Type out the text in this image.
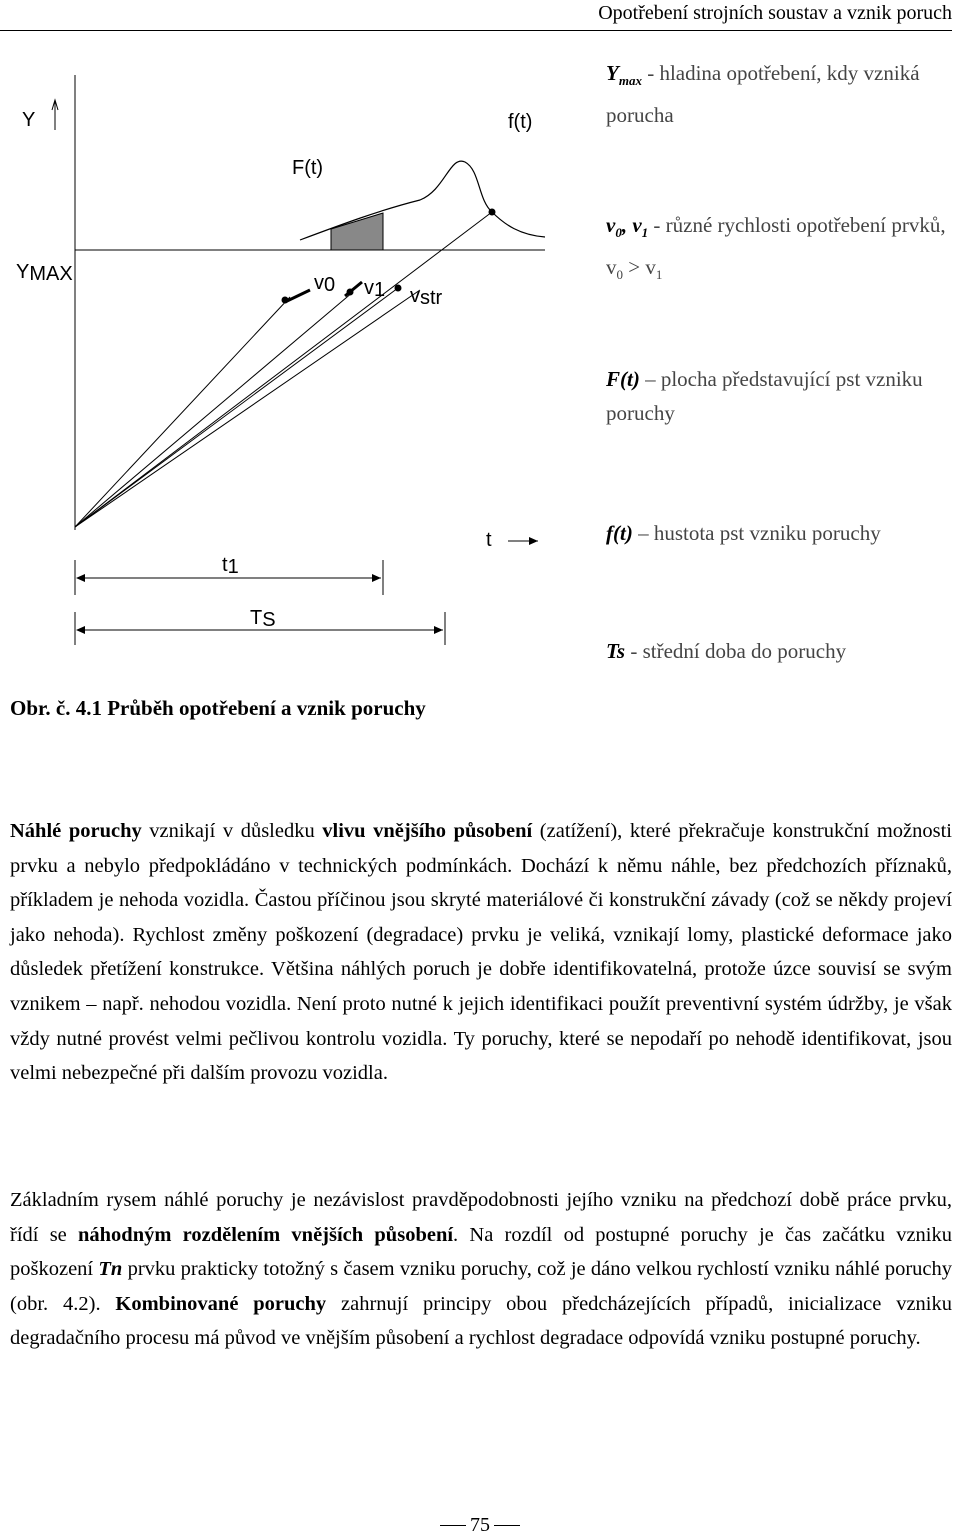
Opotřebení strojních soustav a vznik poruch
Y
YMAX
F(t)
f(t)
v0 v1 vstr
t
t1
TS
$Y_{max}$ - hladina opotřebení, kdy vzniká porucha
$v_0$, $v_1$ - různé rychlosti opotřebení prvků, $v_0 > v_1$
F(t) – plocha představující pst vzniku poruchy
f(t) – hustota pst vzniku poruchy
Ts - střední doba do poruchy
Obr. č. 4.1 Průběh opotřebení a vznik poruchy
Náhlé poruchy vznikají v důsledku vlivu vnějšího působení (zatížení), které překračuje konstrukční možnosti prvku a nebylo předpokládáno v technických podmínkách. Dochází k němu náhle, bez předchozích příznaků, příkladem je nehoda vozidla. Častou příčinou jsou skryté materiálové či konstrukční závady (což se někdy projeví jako nehoda). Rychlost změny poškození (degradace) prvku je veliká, vznikají lomy, plastické deformace jako důsledek přetížení konstrukce. Většina náhlých poruch je dobře identifikovatelná, protože úzce souvisí se svým vznikem – např. nehodou vozidla. Není proto nutné k jejich identifikaci použít preventivní systém údržby, je však vždy nutné provést velmi pečlivou kontrolu vozidla. Ty poruchy, které se nepodaří po nehodě identifikovat, jsou velmi nebezpečné při dalším provozu vozidla.
Základním rysem náhlé poruchy je nezávislost pravděpodobnosti jejího vzniku na předchozí době práce prvku, řídí se náhodným rozdělením vnějších působení. Na rozdíl od postupné poruchy je čas začátku vzniku poškození Tn prvku prakticky totožný s časem vzniku poruchy, což je dáno velkou rychlostí vzniku náhlé poruchy (obr. 4.2). Kombinované poruchy zahrnují principy obou předcházejících případů, inicializace vzniku degradačního procesu má původ ve vnějším působení a rychlost degradace odpovídá vzniku postupné poruchy.
75
